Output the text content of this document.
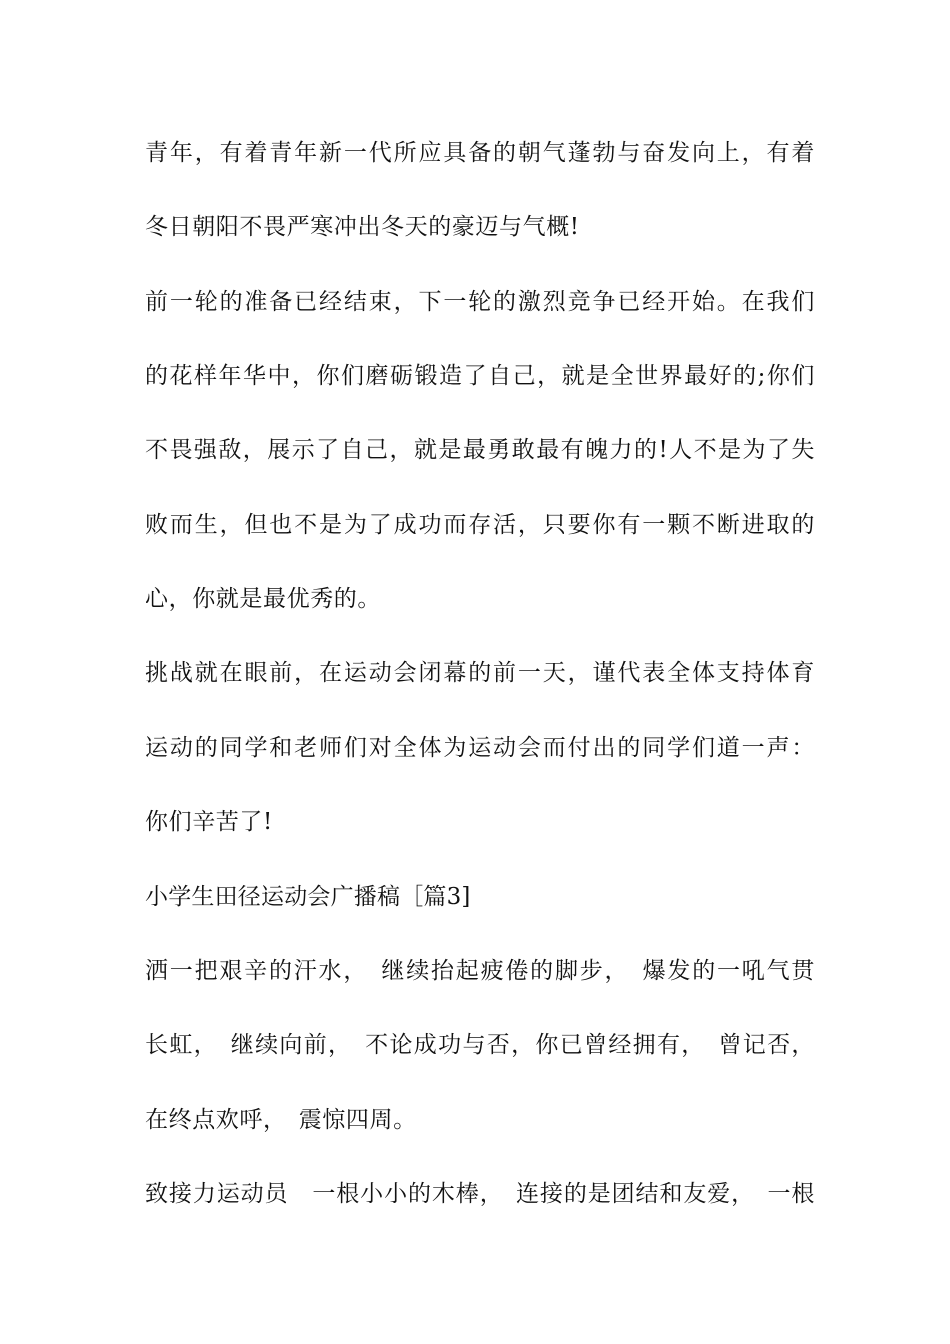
青年，有着青年新一代所应具备的朝气蓬勃与奋发向上，有着
冬日朝阳不畏严寒冲出冬天的豪迈与气概!
前一轮的准备已经结束，下一轮的激烈竞争已经开始。在我们
的花样年华中，你们磨砺锻造了自己，就是全世界最好的;你们
不畏强敌，展示了自己，就是最勇敢最有魄力的!人不是为了失
败而生，但也不是为了成功而存活，只要你有一颗不断进取的
心，你就是最优秀的。
挑战就在眼前，在运动会闭幕的前一天，谨代表全体支持体育
运动的同学和老师们对全体为运动会而付出的同学们道一声：
你们辛苦了!
小学生田径运动会广播稿［篇3]
洒一把艰辛的汗水，　继续抬起疲倦的脚步，　爆发的一吼气贯
长虹，　继续向前，　不论成功与否，你已曾经拥有，　曾记否，
在终点欢呼，　震惊四周。
致接力运动员　一根小小的木棒，　连接的是团结和友爱，　一根
